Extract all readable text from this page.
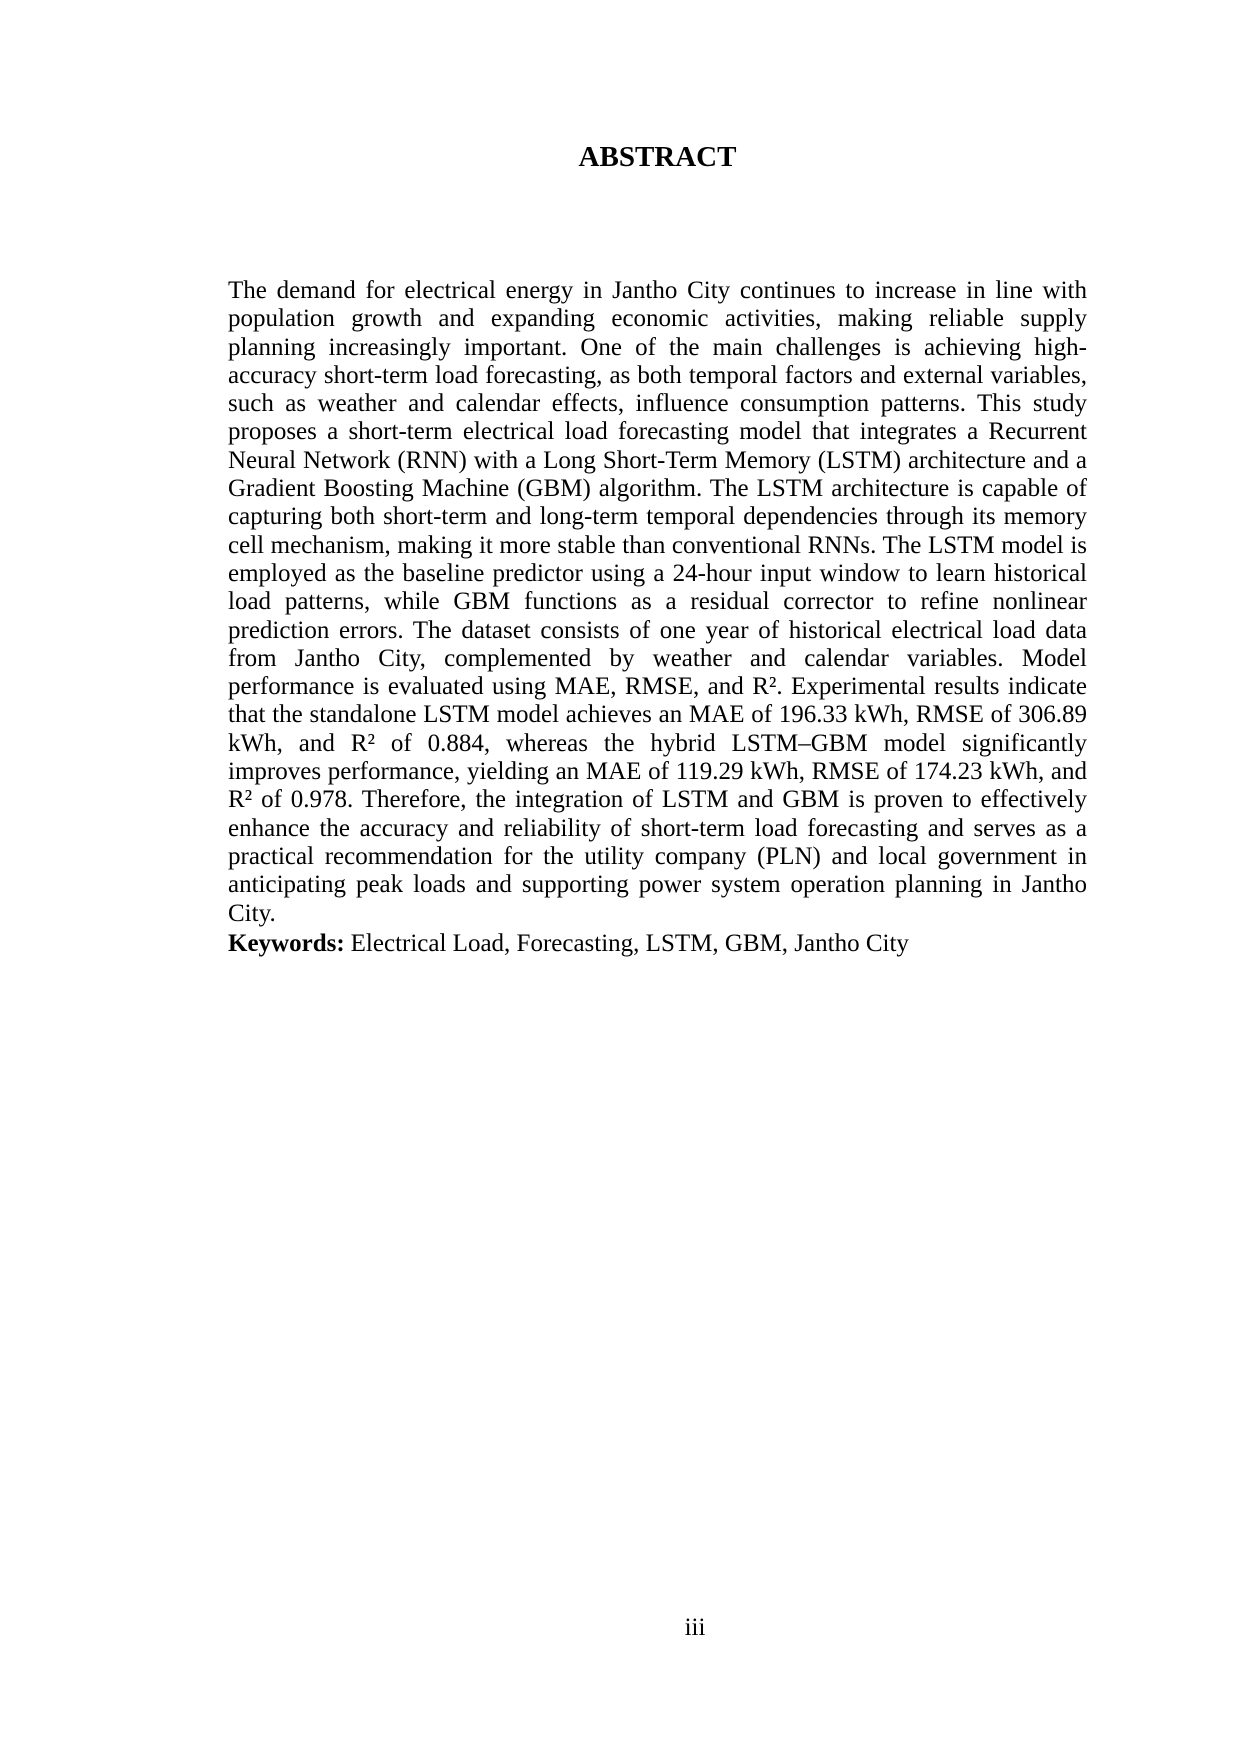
ABSTRACT

The demand for electrical energy in Jantho City continues to increase in line with population growth and expanding economic activities, making reliable supply planning increasingly important. One of the main challenges is achieving high-accuracy short-term load forecasting, as both temporal factors and external variables, such as weather and calendar effects, influence consumption patterns. This study proposes a short-term electrical load forecasting model that integrates a Recurrent Neural Network (RNN) with a Long Short-Term Memory (LSTM) architecture and a Gradient Boosting Machine (GBM) algorithm. The LSTM architecture is capable of capturing both short-term and long-term temporal dependencies through its memory cell mechanism, making it more stable than conventional RNNs. The LSTM model is employed as the baseline predictor using a 24-hour input window to learn historical load patterns, while GBM functions as a residual corrector to refine nonlinear prediction errors. The dataset consists of one year of historical electrical load data from Jantho City, complemented by weather and calendar variables. Model performance is evaluated using MAE, RMSE, and R². Experimental results indicate that the standalone LSTM model achieves an MAE of 196.33 kWh, RMSE of 306.89 kWh, and R² of 0.884, whereas the hybrid LSTM–GBM model significantly improves performance, yielding an MAE of 119.29 kWh, RMSE of 174.23 kWh, and R² of 0.978. Therefore, the integration of LSTM and GBM is proven to effectively enhance the accuracy and reliability of short-term load forecasting and serves as a practical recommendation for the utility company (PLN) and local government in anticipating peak loads and supporting power system operation planning in Jantho City.

Keywords: Electrical Load, Forecasting, LSTM, GBM, Jantho City

iii
